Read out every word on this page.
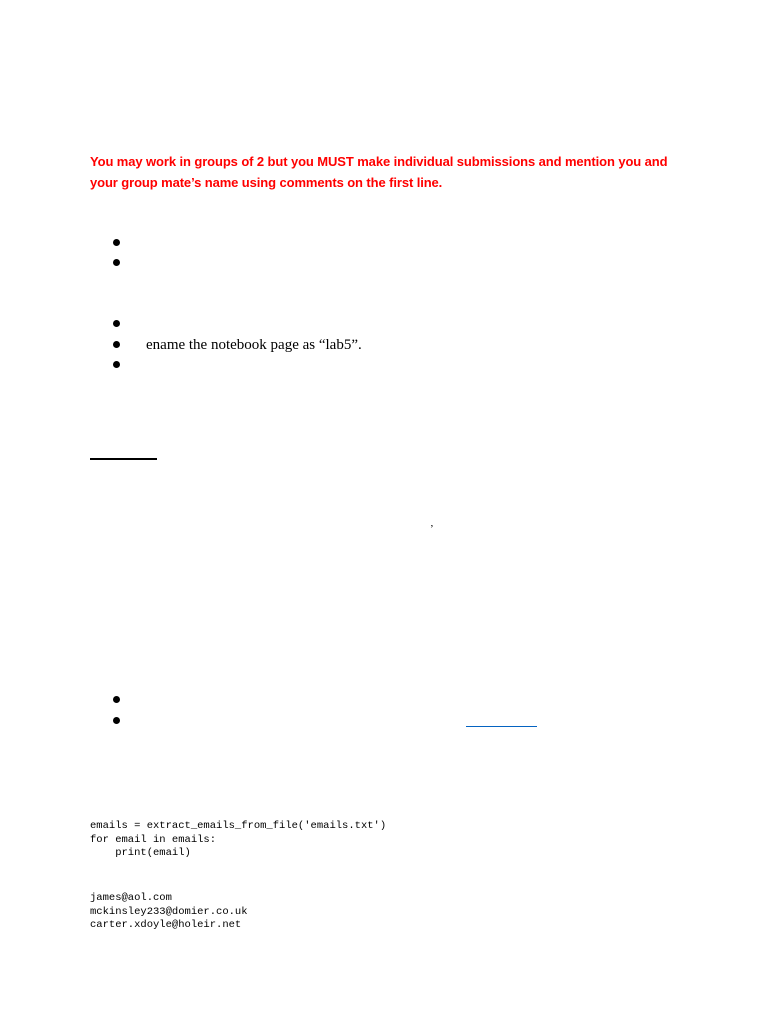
You may work in groups of 2 but you MUST make individual submissions and mention you and your group mate’s name using comments on the first line.
ename the notebook page as “lab5”.
’
emails = extract_emails_from_file('emails.txt')
for email in emails:
print(email)
james@aol.com
mckinsley233@domier.co.uk
carter.xdoyle@holeir.net
